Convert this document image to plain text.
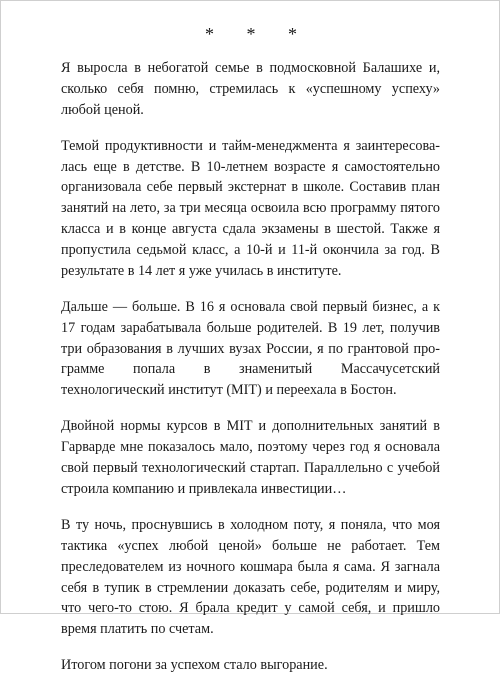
* * *

Я выросла в небогатой семье в подмосковной Балашихе и, сколько себя помню, стремилась к «успешному успеху» любой ценой.

Темой продуктивности и тайм-менеджмента я заинтересовалась еще в детстве. В 10-летнем возрасте я самостоятельно организовала себе первый экстернат в школе. Составив план занятий на лето, за три месяца освоила всю программу пятого класса и в конце августа сдала экзамены в шестой. Также я пропустила седьмой класс, а 10-й и 11-й окончила за год. В результате в 14 лет я уже училась в институте.

Дальше — больше. В 16 я основала свой первый бизнес, а к 17 годам зарабатывала больше родителей. В 19 лет, получив три образования в лучших вузах России, я по грантовой программе попала в знаменитый Массачусетский технологический институт (MIT) и переехала в Бостон.

Двойной нормы курсов в MIT и дополнительных занятий в Гарварде мне показалось мало, поэтому через год я основала свой первый технологический стартап. Параллельно с учебой строила компанию и привлекала инвестиции…

В ту ночь, проснувшись в холодном поту, я поняла, что моя тактика «успех любой ценой» больше не работает. Тем преследователем из ночного кошмара была я сама. Я загнала себя в тупик в стремлении доказать себе, родителям и миру, что чего-то стою. Я брала кредит у самой себя, и пришло время платить по счетам.

Итогом погони за успехом стало выгорание.
